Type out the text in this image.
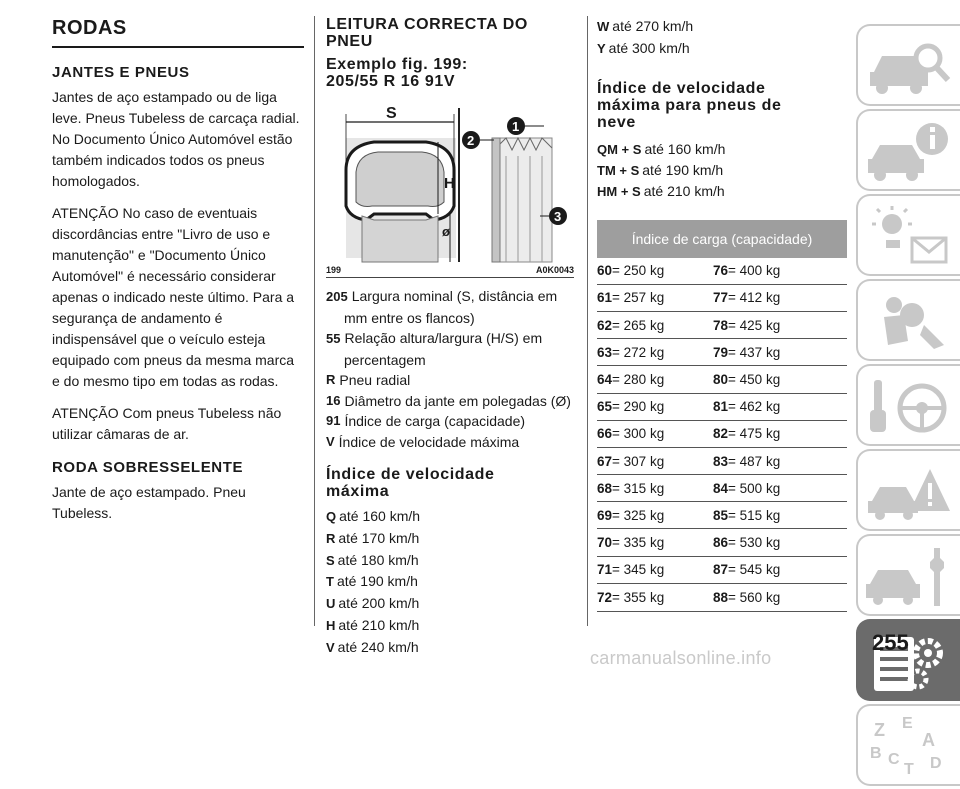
RODAS
JANTES E PNEUS
Jantes de aço estampado ou de liga leve. Pneus Tubeless de carcaça radial. No Documento Único Automóvel estão também indicados todos os pneus homologados.
ATENÇÃO No caso de eventuais discordâncias entre "Livro de uso e manutenção" e "Documento Único Automóvel" é necessário considerar apenas o indicado neste último. Para a segurança de andamento é indispensável que o veículo esteja equipado com pneus da mesma marca e do mesmo tipo em todas as rodas.
ATENÇÃO Com pneus Tubeless não utilizar câmaras de ar.
RODA SOBRESSELENTE
Jante de aço estampado. Pneu Tubeless.
LEITURA CORRECTA DO PNEU
Exemplo fig. 199:
205/55 R 16 91V
S
H
ø
1
2
3
199	A0K0043
205 Largura nominal (S, distância em mm entre os flancos)
55 Relação altura/largura (H/S) em percentagem
R Pneu radial
16 Diâmetro da jante em polegadas (Ø)
91 Índice de carga (capacidade)
V Índice de velocidade máxima
Índice de velocidade
máxima
Q até 160 km/h
R até 170 km/h
S até 180 km/h
T até 190 km/h
U até 200 km/h
H até 210 km/h
V até 240 km/h
W até 270 km/h
Y até 300 km/h
Índice de velocidade
máxima para pneus de
neve
QM + S até 160 km/h
TM + S até 190 km/h
HM + S até 210 km/h
Índice de carga (capacidade)
60= 250 kg	76= 400 kg
61= 257 kg	77= 412 kg
62= 265 kg	78= 425 kg
63= 272 kg	79= 437 kg
64= 280 kg	80= 450 kg
65= 290 kg	81= 462 kg
66= 300 kg	82= 475 kg
67= 307 kg	83= 487 kg
68= 315 kg	84= 500 kg
69= 325 kg	85= 515 kg
70= 335 kg	86= 530 kg
71= 345 kg	87= 545 kg
72= 355 kg	88= 560 kg
Z E
B
A
C
T D
255
carmanualsonline.info
